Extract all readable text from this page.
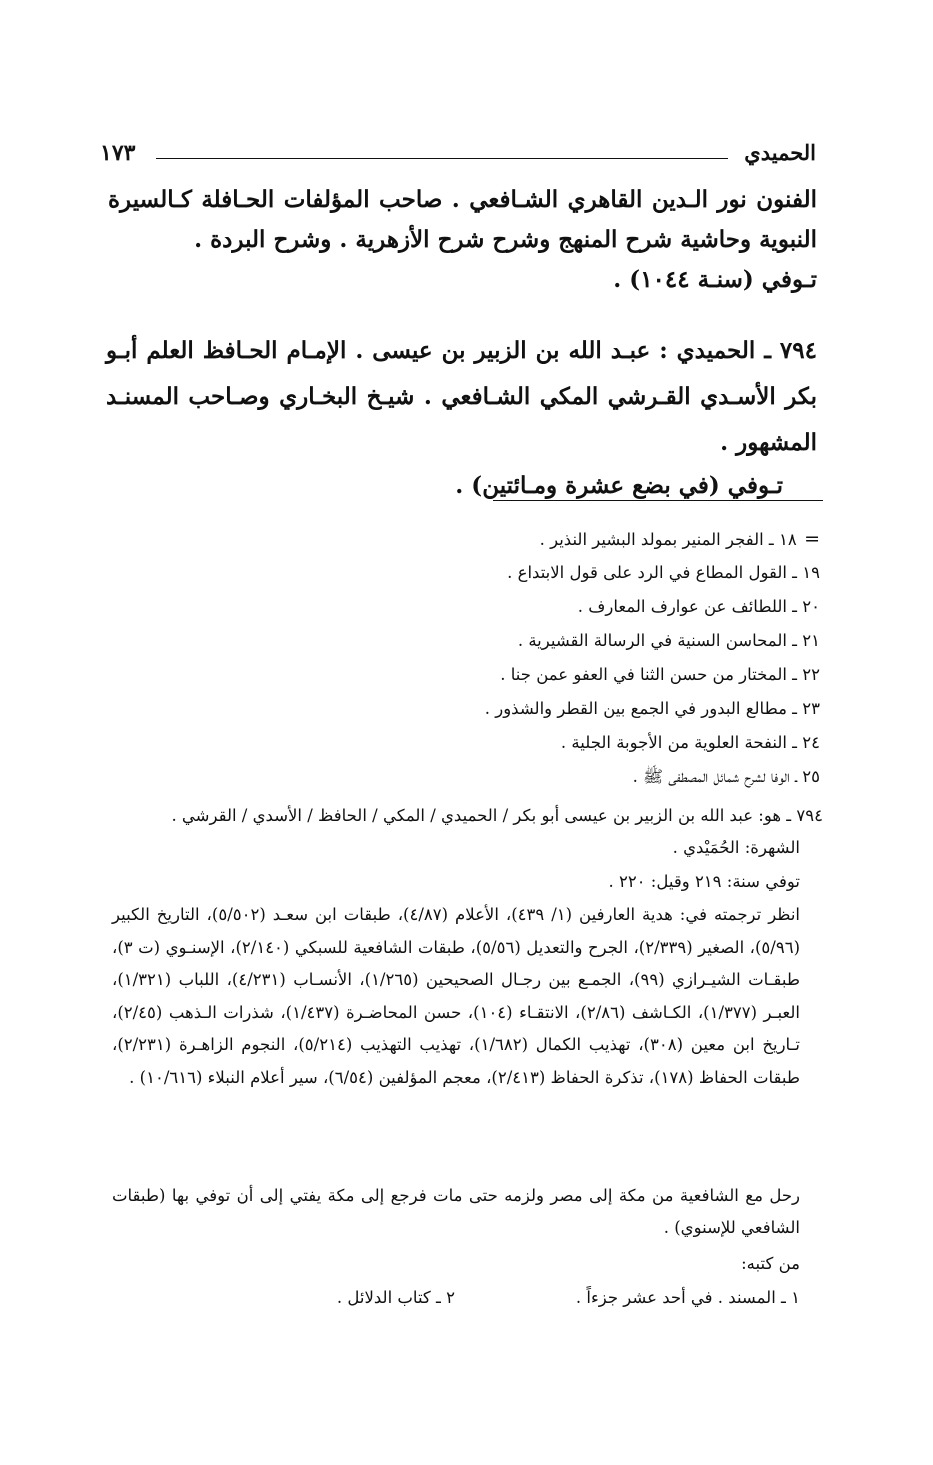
الحميدي
١٧٣

الفنون نور الـدين القاهري الشـافعي . صاحب المؤلفات الحـافلة كـالسيرة النبوية وحاشية شرح المنهج وشرح شرح الأزهرية . وشرح البردة .
تـوفي (سنـة ١٠٤٤) .

٧٩٤ ـ الحميدي : عبـد الله بن الزبير بن عيسى . الإمـام الحـافظ العلم أبـو بكر الأسـدي القـرشي المكي الشـافعي . شيـخ البخـاري وصـاحب المسنـد المشهور .

تـوفي (في بضع عشرة ومـائتين) .

= ١٨ ـ الفجر المنير بمولد البشير النذير .
١٩ ـ القول المطاع في الرد على قول الابتداع .
٢٠ ـ اللطائف عن عوارف المعارف .
٢١ ـ المحاسن السنية في الرسالة القشيرية .
٢٢ ـ المختار من حسن الثنا في العفو عمن جنا .
٢٣ ـ مطالع البدور في الجمع بين القطر والشذور .
٢٤ ـ النفحة العلوية من الأجوبة الجلية .
٢٥ ـ الوفا لشرح شمائل المصطفى ﷺ .

٧٩٤ ـ هو: عبد الله بن الزبير بن عيسى أبو بكر / الحميدي / المكي / الحافظ / الأسدي / القرشي .

الشهرة: الحُمَيْدي .

توفي سنة: ٢١٩ وقيل: ٢٢٠ .

انظر ترجمته في: هدية العارفين (١/ ٤٣٩)، الأعلام (٤/٨٧)، طبقات ابن سعـد (٥/٥٠٢)، التاريخ الكبير (٥/٩٦)، الصغير (٢/٣٣٩)، الجرح والتعديل (٥/٥٦)، طبقات الشافعية للسبكي (٢/١٤٠)، الإسنـوي (ت ٣)، طبقـات الشيـرازي (٩٩)، الجمـع بين رجـال الصحيحين (١/٢٦٥)، الأنسـاب (٤/٢٣١)، اللباب (١/٣٢١)، العبـر (١/٣٧٧)، الكـاشف (٢/٨٦)، الانتقـاء (١٠٤)، حسن المحاضـرة (١/٤٣٧)، شذرات الـذهب (٢/٤٥)، تـاريخ ابن معين (٣٠٨)، تهذيب الكمال (١/٦٨٢)، تهذيب التهذيب (٥/٢١٤)، النجوم الزاهـرة (٢/٢٣١)، طبقات الحفاظ (١٧٨)، تذكرة الحفاظ (٢/٤١٣)، معجم المؤلفين (٦/٥٤)، سير أعلام النبلاء (١٠/٦١٦) .

رحل مع الشافعية من مكة إلى مصر ولزمه حتى مات فرجع إلى مكة يفتي إلى أن توفي بها (طبقات الشافعي للإسنوي) .

من كتبه:

١ ـ المسند . في أحد عشر جزءاً .
٢ ـ كتاب الدلائل .
